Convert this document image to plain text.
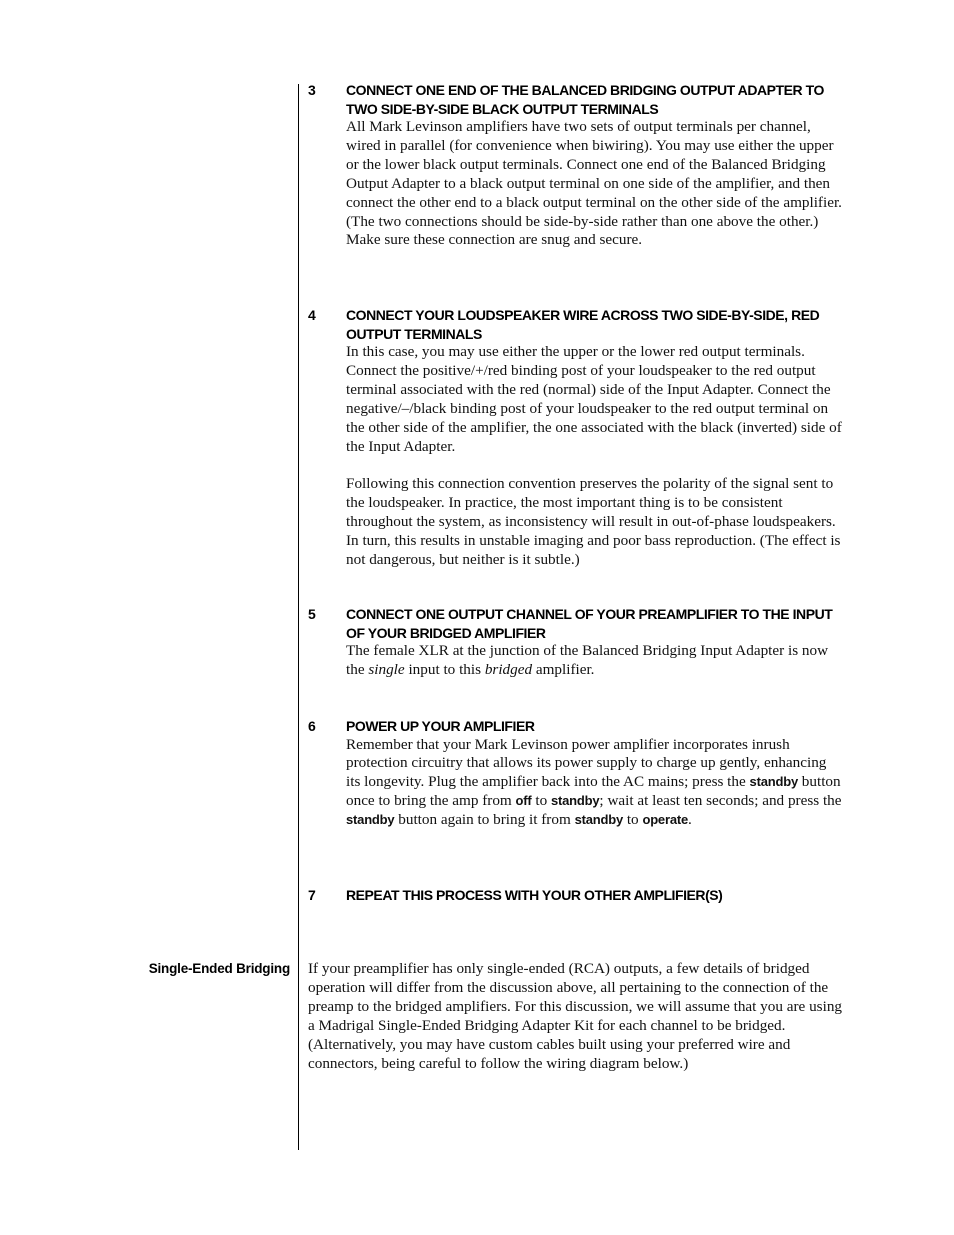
3	CONNECT ONE END OF THE BALANCED BRIDGING OUTPUT ADAPTER TO TWO SIDE-BY-SIDE BLACK OUTPUT TERMINALS

All Mark Levinson amplifiers have two sets of output terminals per channel, wired in parallel (for convenience when biwiring). You may use either the upper or the lower black output terminals. Connect one end of the Balanced Bridging Output Adapter to a black output terminal on one side of the amplifier, and then connect the other end to a black output terminal on the other side of the amplifier. (The two connections should be side-by-side rather than one above the other.) Make sure these connection are snug and secure.

4	CONNECT YOUR LOUDSPEAKER WIRE ACROSS TWO SIDE-BY-SIDE, RED OUTPUT TERMINALS

In this case, you may use either the upper or the lower red output terminals. Connect the positive/+/red binding post of your loudspeaker to the red output terminal associated with the red (normal) side of the Input Adapter. Connect the negative/–/black binding post of your loudspeaker to the red output terminal on the other side of the amplifier, the one associated with the black (inverted) side of the Input Adapter.

Following this connection convention preserves the polarity of the signal sent to the loudspeaker. In practice, the most important thing is to be consistent throughout the system, as inconsistency will result in out-of-phase loudspeakers. In turn, this results in unstable imaging and poor bass reproduction. (The effect is not dangerous, but neither is it subtle.)

5	CONNECT ONE OUTPUT CHANNEL OF YOUR PREAMPLIFIER TO THE INPUT OF YOUR BRIDGED AMPLIFIER

The female XLR at the junction of the Balanced Bridging Input Adapter is now the single input to this bridged amplifier.

6	POWER UP YOUR AMPLIFIER

Remember that your Mark Levinson power amplifier incorporates inrush protection circuitry that allows its power supply to charge up gently, enhancing its longevity. Plug the amplifier back into the AC mains; press the standby button once to bring the amp from off to standby; wait at least ten seconds; and press the standby button again to bring it from standby to operate.

7	REPEAT THIS PROCESS WITH YOUR OTHER AMPLIFIER(S)
Single-Ended Bridging If your preamplifier has only single-ended (RCA) outputs, a few details of bridged operation will differ from the discussion above, all pertaining to the connection of the preamp to the bridged amplifiers. For this discussion, we will assume that you are using a Madrigal Single-Ended Bridging Adapter Kit for each channel to be bridged. (Alternatively, you may have custom cables built using your preferred wire and connectors, being careful to follow the wiring diagram below.)
